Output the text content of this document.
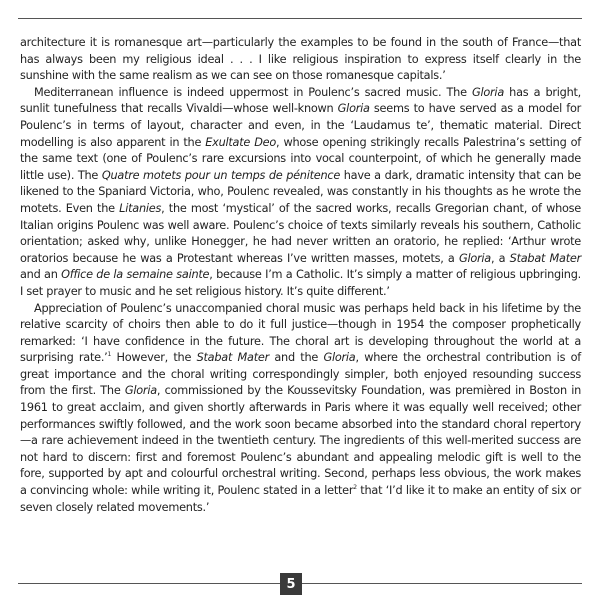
architecture it is romanesque art—particularly the examples to be found in the south of France—that has always been my religious ideal . . . I like religious inspiration to express itself clearly in the sunshine with the same realism as we can see on those romanesque capitals.’

Mediterranean influence is indeed uppermost in Poulenc’s sacred music. The Gloria has a bright, sunlit tunefulness that recalls Vivaldi—whose well-known Gloria seems to have served as a model for Poulenc’s in terms of layout, character and even, in the ‘Laudamus te’, thematic material. Direct modelling is also apparent in the Exultate Deo, whose opening strikingly recalls Palestrina’s setting of the same text (one of Poulenc’s rare excursions into vocal counterpoint, of which he generally made little use). The Quatre motets pour un temps de pénitence have a dark, dramatic intensity that can be likened to the Spaniard Victoria, who, Poulenc revealed, was constantly in his thoughts as he wrote the motets. Even the Litanies, the most ‘mystical’ of the sacred works, recalls Gregorian chant, of whose Italian origins Poulenc was well aware. Poulenc’s choice of texts similarly reveals his southern, Catholic orientation; asked why, unlike Honegger, he had never written an oratorio, he replied: ‘Arthur wrote oratorios because he was a Protestant whereas I’ve written masses, motets, a Gloria, a Stabat Mater and an Office de la semaine sainte, because I’m a Catholic. It’s simply a matter of religious upbringing. I set prayer to music and he set religious history. It’s quite different.’

Appreciation of Poulenc’s unaccompanied choral music was perhaps held back in his lifetime by the relative scarcity of choirs then able to do it full justice—though in 1954 the composer prophetically remarked: ‘I have confidence in the future. The choral art is developing throughout the world at a surprising rate.’$^1$ However, the Stabat Mater and the Gloria, where the orchestral contribution is of great importance and the choral writing correspondingly simpler, both enjoyed resounding success from the first. The Gloria, commissioned by the Koussevitsky Foundation, was premièred in Boston in 1961 to great acclaim, and given shortly afterwards in Paris where it was equally well received; other performances swiftly followed, and the work soon became absorbed into the standard choral repertory—a rare achievement indeed in the twentieth century. The ingredients of this well-merited success are not hard to discern: first and foremost Poulenc’s abundant and appealing melodic gift is well to the fore, supported by apt and colourful orchestral writing. Second, perhaps less obvious, the work makes a convincing whole: while writing it, Poulenc stated in a letter$^2$ that ‘I’d like it to make an entity of six or seven closely related movements.’

5
